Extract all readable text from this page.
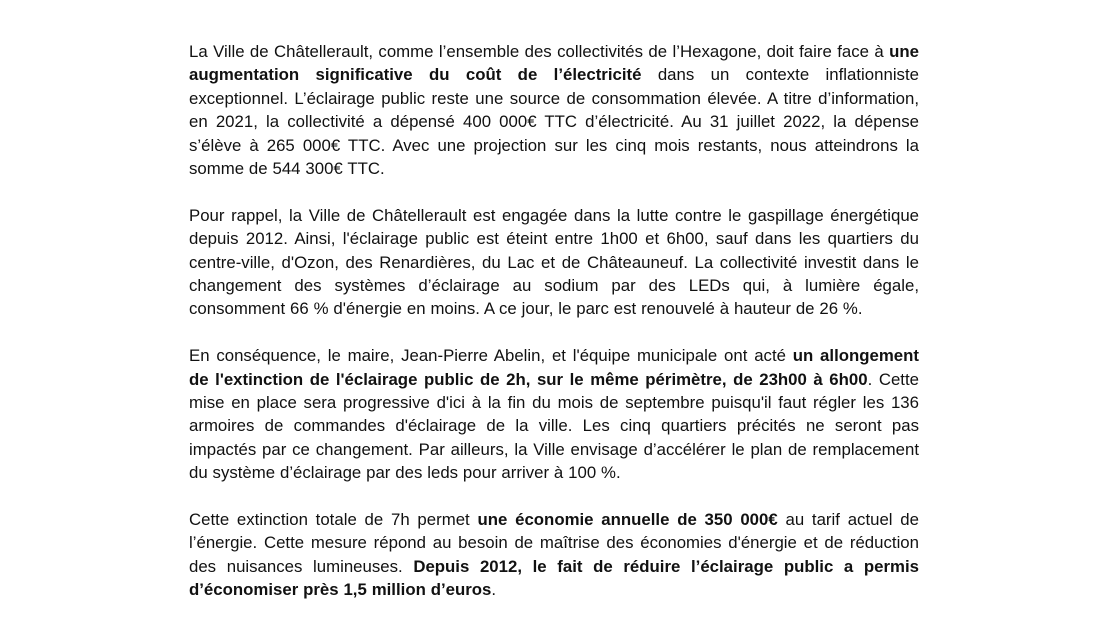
La Ville de Châtellerault, comme l’ensemble des collectivités de l’Hexagone, doit faire face à une augmentation significative du coût de l’électricité dans un contexte inflationniste exceptionnel. L’éclairage public reste une source de consommation élevée. A titre d’information, en 2021, la collectivité a dépensé 400 000€ TTC d’électricité. Au 31 juillet 2022, la dépense s’élève à 265 000€ TTC. Avec une projection sur les cinq mois restants, nous atteindrons la somme de 544 300€ TTC.

Pour rappel, la Ville de Châtellerault est engagée dans la lutte contre le gaspillage énergétique depuis 2012. Ainsi, l'éclairage public est éteint entre 1h00 et 6h00, sauf dans les quartiers du centre-ville, d'Ozon, des Renardières, du Lac et de Châteauneuf. La collectivité investit dans le changement des systèmes d’éclairage au sodium par des LEDs qui, à lumière égale, consomment 66 % d'énergie en moins. A ce jour, le parc est renouvelé à hauteur de 26 %.

En conséquence, le maire, Jean-Pierre Abelin, et l'équipe municipale ont acté un allongement de l'extinction de l'éclairage public de 2h, sur le même périmètre, de 23h00 à 6h00. Cette mise en place sera progressive d'ici à la fin du mois de septembre puisqu'il faut régler les 136 armoires de commandes d'éclairage de la ville. Les cinq quartiers précités ne seront pas impactés par ce changement. Par ailleurs, la Ville envisage d’accélérer le plan de remplacement du système d’éclairage par des leds pour arriver à 100 %.

Cette extinction totale de 7h permet une économie annuelle de 350 000€ au tarif actuel de l’énergie. Cette mesure répond au besoin de maîtrise des économies d'énergie et de réduction des nuisances lumineuses. Depuis 2012, le fait de réduire l’éclairage public a permis d’économiser près 1,5 million d’euros.
